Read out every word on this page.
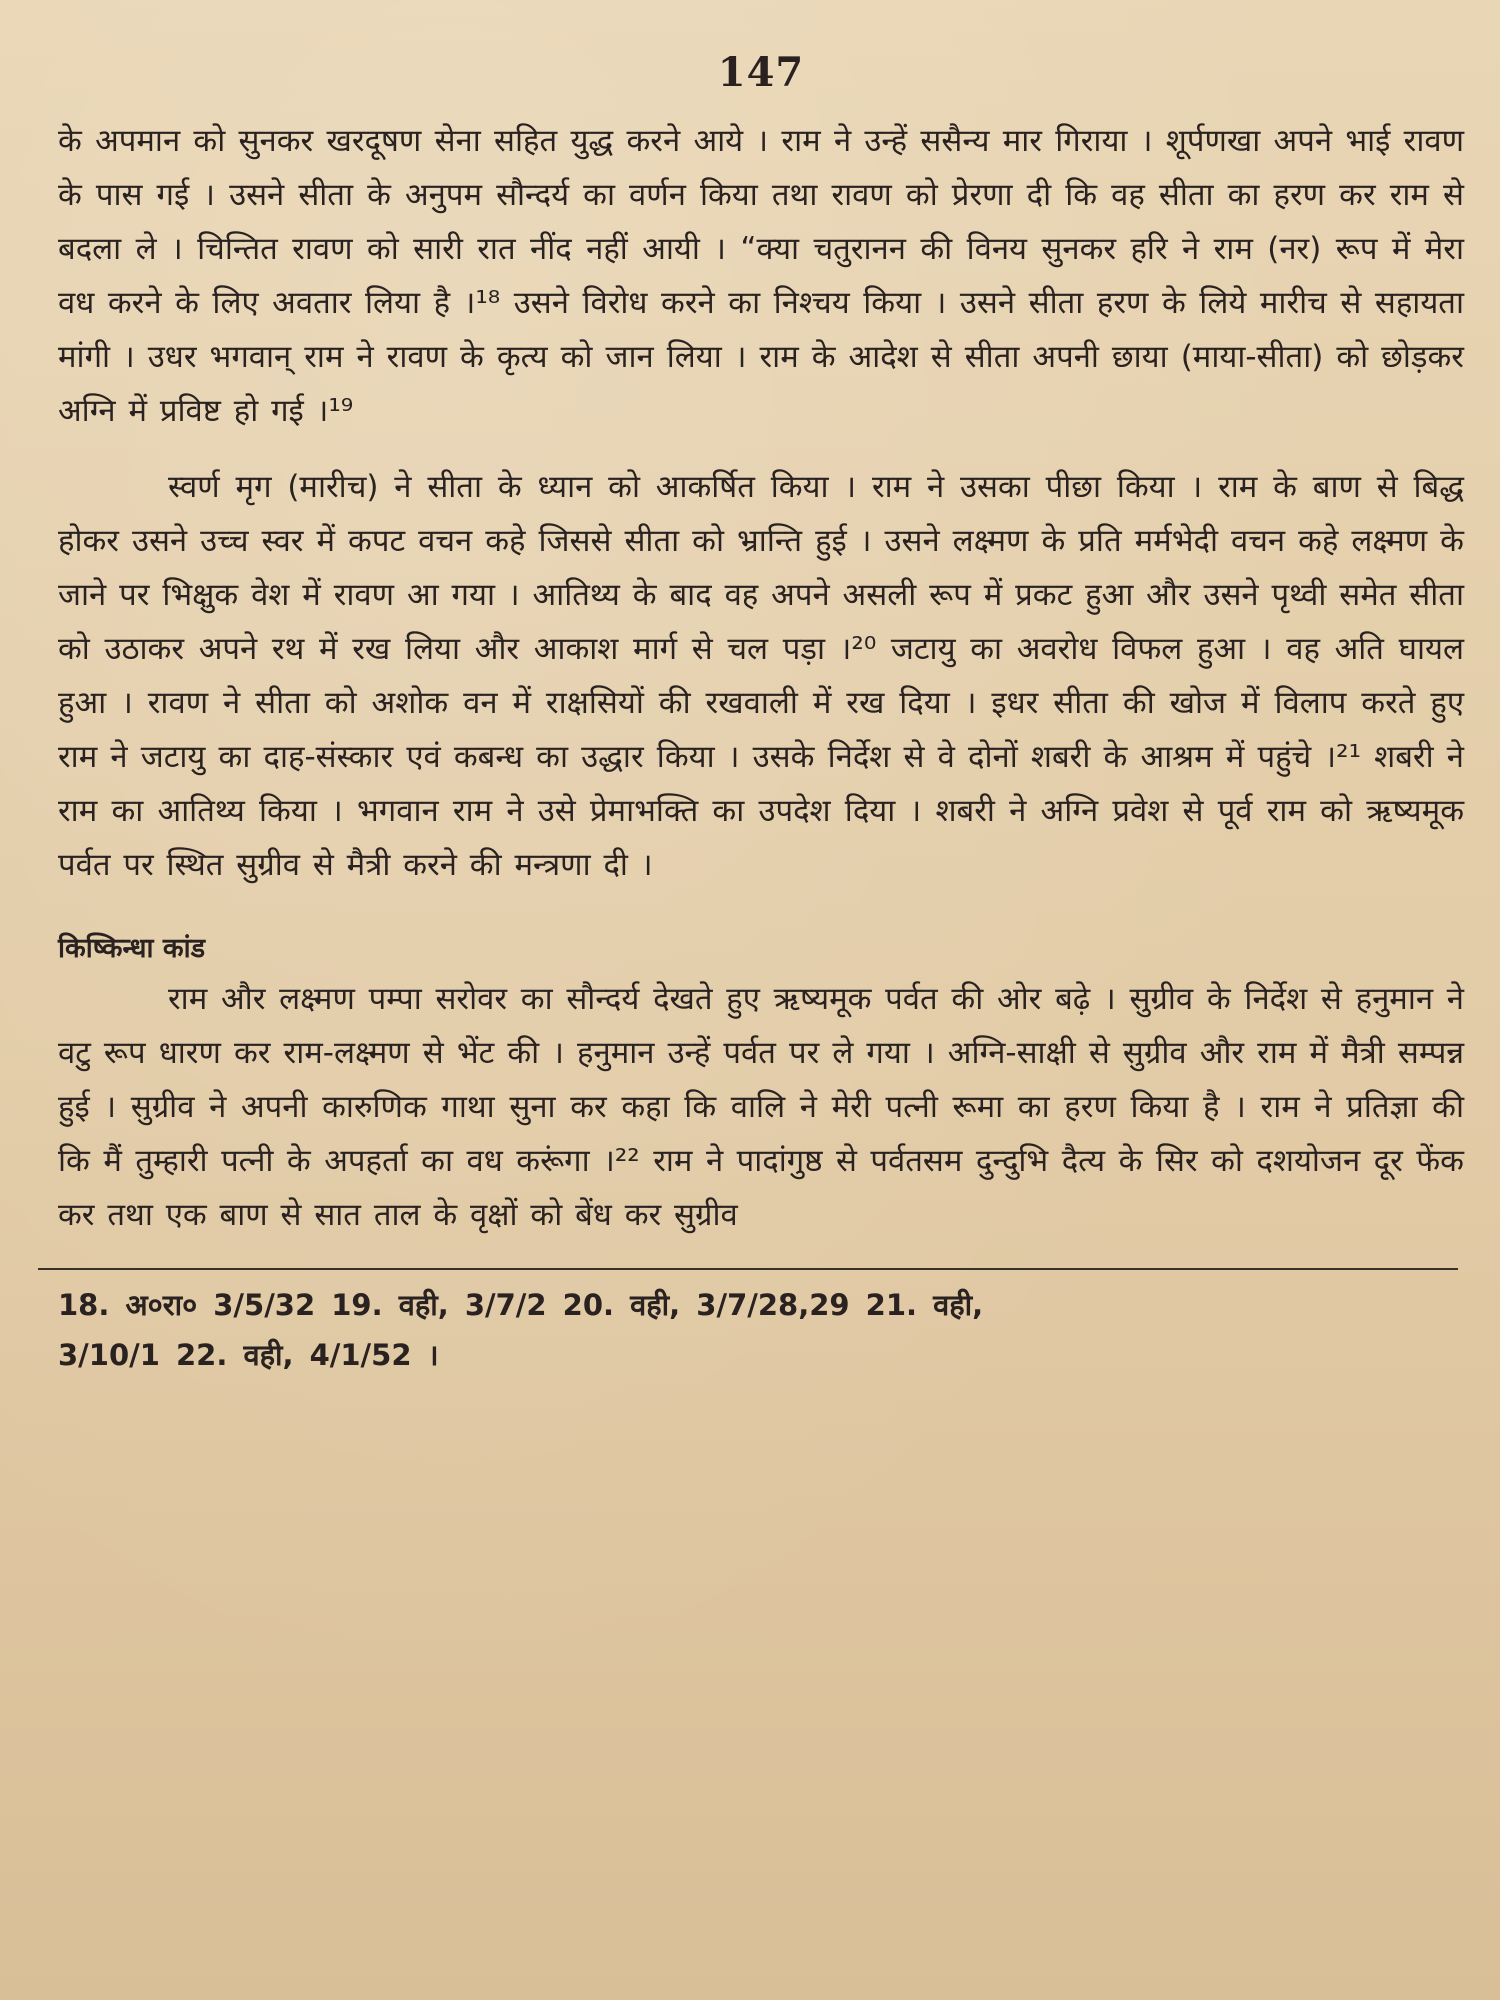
147

के अपमान को सुनकर खरदूषण सेना सहित युद्ध करने आये । राम ने उन्हें ससैन्य मार गिराया । शूर्पणखा अपने भाई रावण के पास गई । उसने सीता के अनुपम सौन्दर्य का वर्णन किया तथा रावण को प्रेरणा दी कि वह सीता का हरण कर राम से बदला ले । चिन्तित रावण को सारी रात नींद नहीं आयी । “क्या चतुरानन की विनय सुनकर हरि ने राम (नर) रूप में मेरा वध करने के लिए अवतार लिया है ।¹⁸ उसने विरोध करने का निश्चय किया । उसने सीता हरण के लिये मारीच से सहायता मांगी । उधर भगवान् राम ने रावण के कृत्य को जान लिया । राम के आदेश से सीता अपनी छाया (माया-सीता) को छोड़कर अग्नि में प्रविष्ट हो गई ।¹⁹

स्वर्ण मृग (मारीच) ने सीता के ध्यान को आकर्षित किया । राम ने उसका पीछा किया । राम के बाण से बिद्ध होकर उसने उच्च स्वर में कपट वचन कहे जिससे सीता को भ्रान्ति हुई । उसने लक्ष्मण के प्रति मर्मभेदी वचन कहे लक्ष्मण के जाने पर भिक्षुक वेश में रावण आ गया । आतिथ्य के बाद वह अपने असली रूप में प्रकट हुआ और उसने पृथ्वी समेत सीता को उठाकर अपने रथ में रख लिया और आकाश मार्ग से चल पड़ा ।²⁰ जटायु का अवरोध विफल हुआ । वह अति घायल हुआ । रावण ने सीता को अशोक वन में राक्षसियों की रखवाली में रख दिया । इधर सीता की खोज में विलाप करते हुए राम ने जटायु का दाह-संस्कार एवं कबन्ध का उद्धार किया । उसके निर्देश से वे दोनों शबरी के आश्रम में पहुंचे ।²¹ शबरी ने राम का आतिथ्य किया । भगवान राम ने उसे प्रेमाभक्ति का उपदेश दिया । शबरी ने अग्नि प्रवेश से पूर्व राम को ऋष्यमूक पर्वत पर स्थित सुग्रीव से मैत्री करने की मन्त्रणा दी ।

किष्किन्धा कांड

राम और लक्ष्मण पम्पा सरोवर का सौन्दर्य देखते हुए ऋष्यमूक पर्वत की ओर बढ़े । सुग्रीव के निर्देश से हनुमान ने वटु रूप धारण कर राम-लक्ष्मण से भेंट की । हनुमान उन्हें पर्वत पर ले गया । अग्नि-साक्षी से सुग्रीव और राम में मैत्री सम्पन्न हुई । सुग्रीव ने अपनी कारुणिक गाथा सुना कर कहा कि वालि ने मेरी पत्नी रूमा का हरण किया है । राम ने प्रतिज्ञा की कि मैं तुम्हारी पत्नी के अपहर्ता का वध करूंगा ।²² राम ने पादांगुष्ठ से पर्वतसम दुन्दुभि दैत्य के सिर को दशयोजन दूर फेंक कर तथा एक बाण से सात ताल के वृक्षों को बेंध कर सुग्रीव

18. अ०रा० 3/5/32 19. वही, 3/7/2 20. वही, 3/7/28,29 21. वही,
3/10/1 22. वही, 4/1/52 ।
